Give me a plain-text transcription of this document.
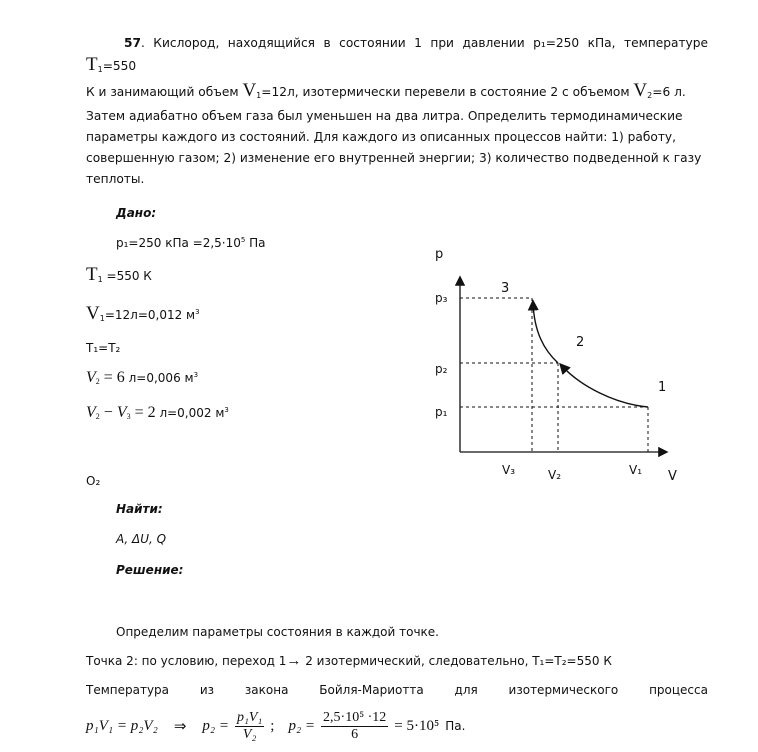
57. Кислород, находящийся в состоянии 1 при давлении p₁=250 кПа, температуре $T_1=550$
К и занимающий объем $V_1=12л$, изотермически перевели в состояние 2 с объемом $V_2=6$ л.
Затем адиабатно объем газа был уменьшен на два литра. Определить термодинамические
параметры каждого из состояний. Для каждого из описанных процессов найти: 1) работу,
совершенную газом; 2) изменение его внутренней энергии; 3) количество подведенной к газу
теплоты.
Дано:
p₁=250 кПа $=2,5\cdot 10^5$ Па
$T_1 =550$ К
$V_1=12л=0,012$ $м^3$
T₁=T₂
$V_2 = 6$ л=0,006 $м^3$
$V_2 - V_3 = 2$ л=0,002 $м^3$
O₂
Найти:
A, ΔU, Q
Решение:
Определим параметры состояния в каждой точке.
Точка 2: по условию, переход 1→ 2 изотермический, следовательно, T₁=T₂=550 К
Температура	из	закона	Бойля-Мариотта	для	изотермического	процесса
p₁V₁ = p₂V₂ ⇒ $p_2 = \frac{\text{p₁V₁}}{\text{V₂}}$ ; $p_2 = \frac{\text{2,5·10⁵ ·12}}{6} = 5\cdot 10^5$ Па.
p
V
p₃
p₂
p₁
V₃	V₂	V₁
3
2
1
